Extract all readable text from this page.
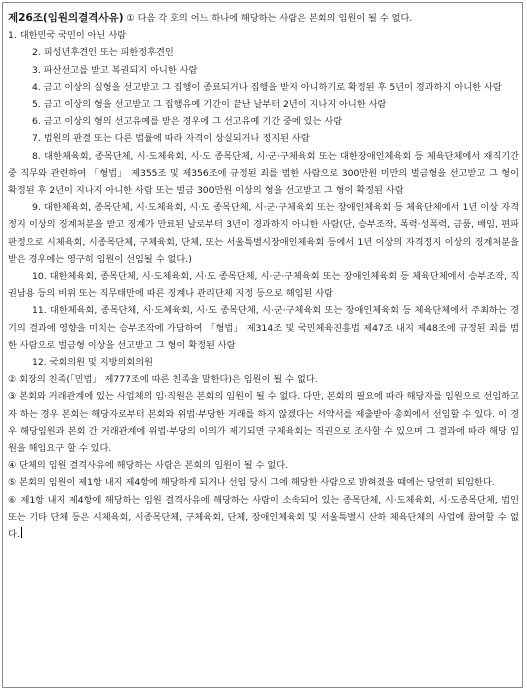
제26조(임원의결격사유) ① 다음 각 호의 어느 하나에 해당하는 사람은 본회의 임원이 될 수 없다.

1. 대한민국 국민이 아닌 사람

2. 피성년후견인 또는 피한정후견인

3. 파산선고를 받고 복권되지 아니한 사람

4. 금고 이상의 실형을 선고받고 그 집행이 종료되거나 집행을 받지 아니하기로 확정된 후 5년이 경과하지 아니한 사람

5. 금고 이상의 형을 선고받고 그 집행유예 기간이 끝난 날부터 2년이 지나지 아니한 사람

6. 금고 이상의 형의 선고유예를 받은 경우에 그 선고유예 기간 중에 있는 사람

7. 법원의 판결 또는 다른 법률에 따라 자격이 상실되거나 정지된 사람

8. 대한체육회, 종목단체, 시·도체육회, 시·도 종목단체, 시·군·구체육회 또는 대한장애인체육회 등 체육단체에서 재직기간 중 직무와 관련하여 「형법」 제355조 및 제356조에 규정된 죄를 범한 사람으로 300만원 미만의 벌금형을 선고받고 그 형이 확정된 후 2년이 지나지 아니한 사람 또는 벌금 300만원 이상의 형을 선고받고 그 형이 확정된 사람

9. 대한체육회, 종목단체, 시·도체육회, 시·도 종목단체, 시·군·구체육회 또는 장애인체육회 등 체육단체에서 1년 이상 자격정지 이상의 징계처분을 받고 징계가 만료된 날로부터 3년이 경과하지 아니한 사람(단, 승부조작, 폭력·성폭력, 금품, 배임, 편파판정으로 시체육회, 시종목단체, 구체육회, 단체, 또는 서울특별시장애인체육회 등에서 1년 이상의 자격정지 이상의 징계처분을 받은 경우에는 영구히 임원이 선임될 수 없다.)

10. 대한체육회, 종목단체, 시·도체육회, 시·도 종목단체, 시·군·구체육회 또는 장애인체육회 등 체육단체에서 승부조작, 직권남용 등의 비위 또는 직무태만에 따른 징계나 관리단체 지정 등으로 해임된 사람

11. 대한체육회, 종목단체, 시·도체육회, 시·도 종목단체, 시·군·구체육회 또는 장애인체육회 등 체육단체에서 주최하는 경기의 결과에 영향을 미치는 승부조작에 가담하여 「형법」 제314조 및 국민체육진흥법 제47조 내지 제48조에 규정된 죄를 범한 사람으로 벌금형 이상을 선고받고 그 형이 확정된 사람

12. 국회의원 및 지방의회의원

② 회장의 친족(「민법」 제777조에 따른 친족을 말한다)은 임원이 될 수 없다.

③ 본회와 거래관계에 있는 사업체의 임·직원은 본회의 임원이 될 수 없다. 다만, 본회의 필요에 따라 해당자를 임원으로 선임하고자 하는 경우 본회는 해당자로부터 본회와 위법·부당한 거래를 하지 않겠다는 서약서를 제출받아 총회에서 선임할 수 있다. 이 경우 해당임원과 본회 간 거래관계에 위법·부당의 이의가 제기되면 구체육회는 직권으로 조사할 수 있으며 그 결과에 따라 해당 임원을 해임요구 할 수 있다.

④ 단체의 임원 결격사유에 해당하는 사람은 본회의 임원이 될 수 없다.

⑤ 본회의 임원이 제1항 내지 제4항에 해당하게 되거나 선임 당시 그에 해당한 사람으로 밝혀졌을 때에는 당연히 퇴임한다.

⑥ 제1항 내지 제4항에 해당하는 임원 결격사유에 해당하는 사람이 소속되어 있는 종목단체, 시·도체육회, 시·도종목단체, 법인 또는 기타 단체 등은 시체육회, 시종목단체, 구체육회, 단체, 장애인체육회 및 서울특별시 산하 체육단체의 사업에 참여할 수 없다.
